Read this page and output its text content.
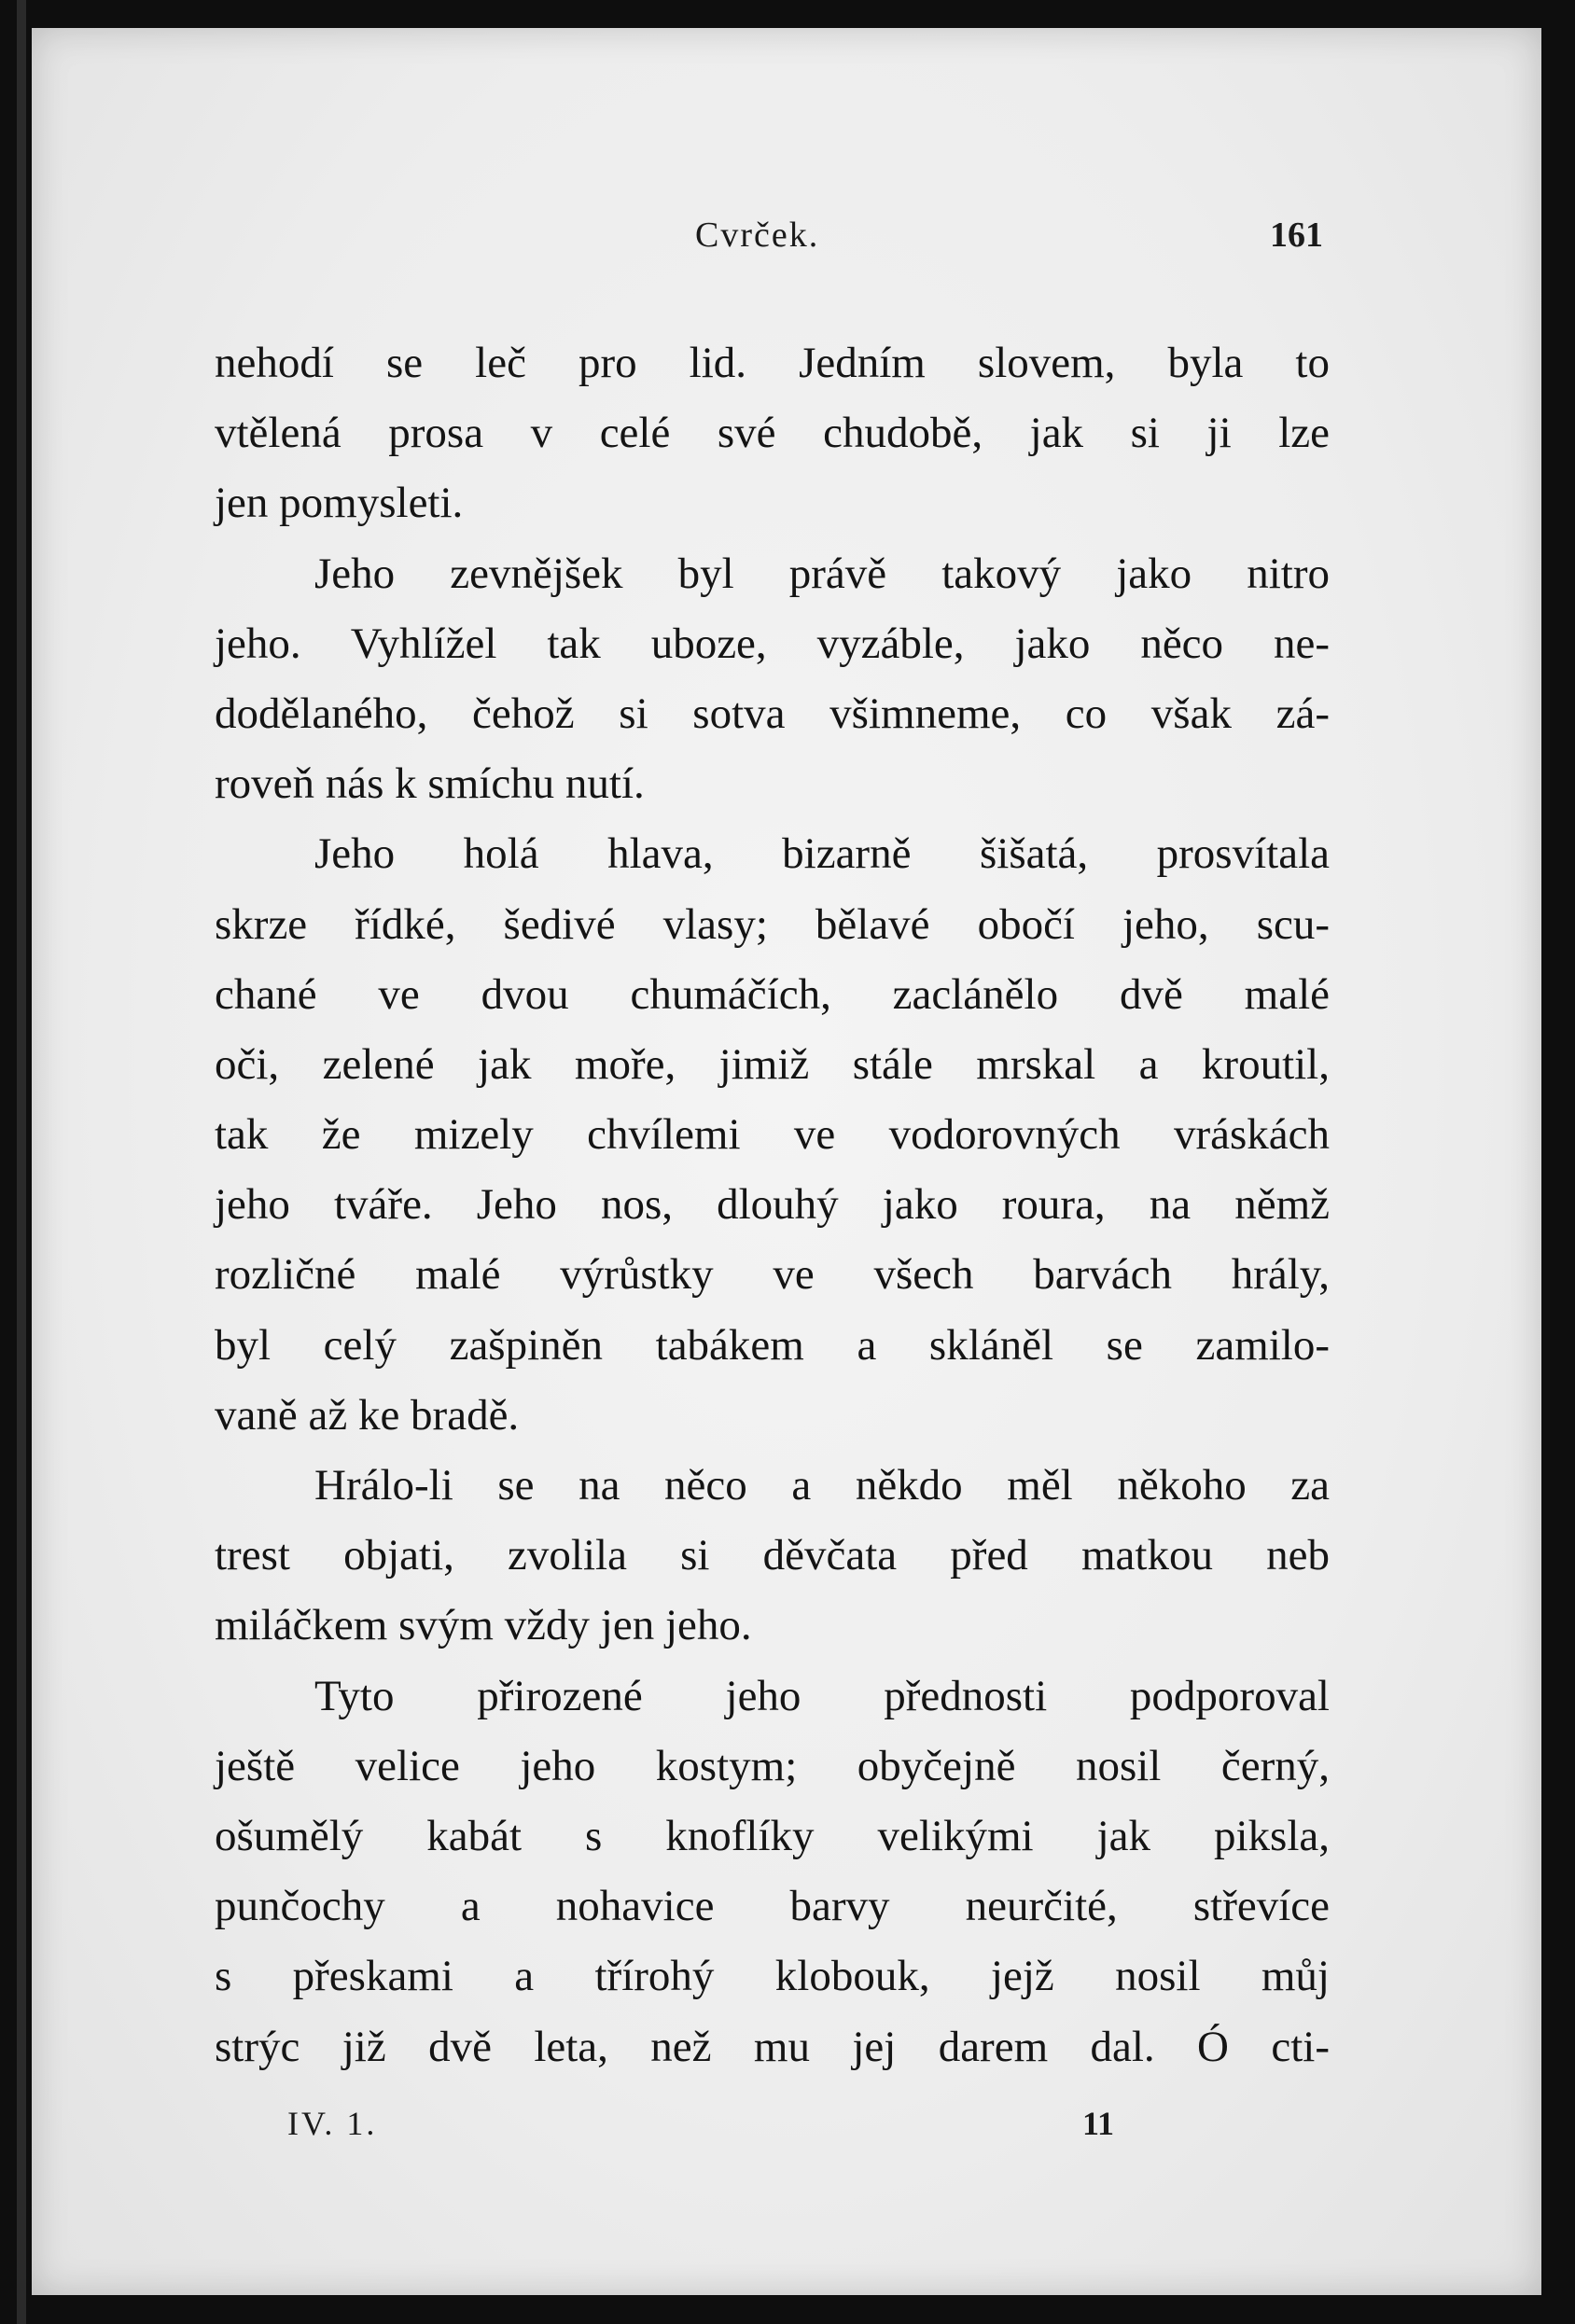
Cvrček.	161
nehodí se leč pro lid. Jedním slovem, byla to
vtělená prosa v celé své chudobě, jak si ji lze
jen pomysleti.
Jeho zevnějšek byl právě takový jako nitro
jeho. Vyhlížel tak uboze, vyzáble, jako něco ne-
dodělaného, čehož si sotva všimneme, co však zá-
roveň nás k smíchu nutí.
Jeho holá hlava, bizarně šišatá, prosvítala
skrze řídké, šedivé vlasy; bělavé obočí jeho, scu-
chané ve dvou chumáčích, zaclánělo dvě malé
oči, zelené jak moře, jimiž stále mrskal a kroutil,
tak že mizely chvílemi ve vodorovných vráskách
jeho tváře. Jeho nos, dlouhý jako roura, na němž
rozličné malé výrůstky ve všech barvách hrály,
byl celý zašpiněn tabákem a skláněl se zamilo-
vaně až ke bradě.
Hrálo-li se na něco a někdo měl někoho za
trest objati, zvolila si děvčata před matkou neb
miláčkem svým vždy jen jeho.
Tyto přirozené jeho přednosti podporoval
ještě velice jeho kostym; obyčejně nosil černý,
ošumělý kabát s knoflíky velikými jak piksla,
punčochy a nohavice barvy neurčité, střevíce
s přeskami a třírohý klobouk, jejž nosil můj
strýc již dvě leta, než mu jej darem dal. Ó cti-
IV. 1.	11
